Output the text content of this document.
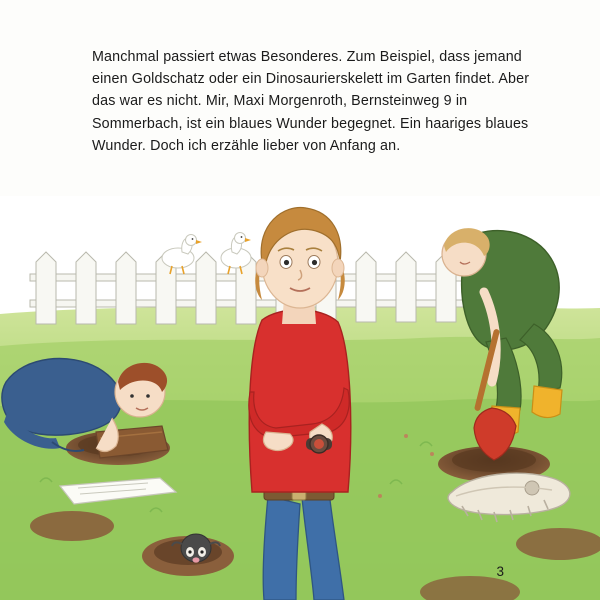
Manchmal passiert etwas Besonderes. Zum Beispiel, dass jemand einen Goldschatz oder ein Dinosaurierskelett im Garten findet. Aber das war es nicht. Mir, Maxi Morgenroth, Bernsteinweg 9 in Sommerbach, ist ein blaues Wunder begegnet. Ein haariges blaues Wunder. Doch ich erzähle lieber von Anfang an.

3
